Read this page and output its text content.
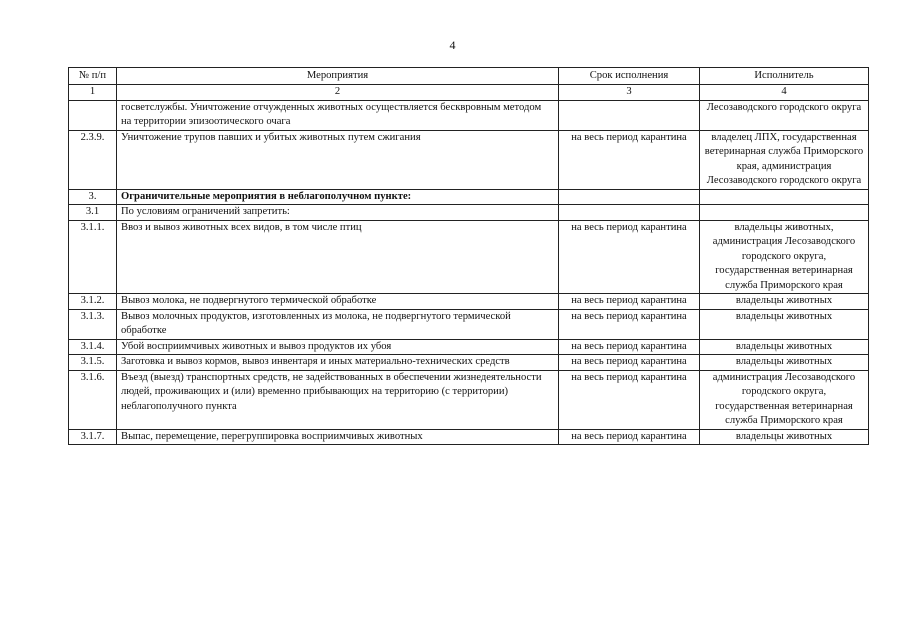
4
№ п/п	Мероприятия	Срок исполнения	Исполнитель
1	2	3	4
	госветслужбы. Уничтожение отчужденных животных осуществляется бесквровным методом на территории эпизоотического очага		Лесозаводского городского округа
2.3.9.	Уничтожение трупов павших и убитых животных путем сжигания	на весь период карантина	владелец ЛПХ, государственная ветеринарная служба Приморского края, администрация Лесозаводского городского округа
3.	Ограничительные мероприятия в неблагополучном пункте:		
3.1	По условиям ограничений запретить:		
3.1.1.	Ввоз и вывоз животных всех видов, в том числе птиц	на весь период карантина	владельцы животных, администрация Лесозаводского городского округа, государственная ветеринарная служба Приморского края
3.1.2.	Вывоз молока, не подвергнутого термической обработке	на весь период карантина	владельцы животных
3.1.3.	Вывоз молочных продуктов, изготовленных из молока, не подвергнутого термической обработке	на весь период карантина	владельцы животных
3.1.4.	Убой восприимчивых животных и вывоз продуктов их убоя	на весь период карантина	владельцы животных
3.1.5.	Заготовка и вывоз кормов, вывоз инвентаря и иных материально-технических средств	на весь период карантина	владельцы животных
3.1.6.	Въезд (выезд) транспортных средств, не задействованных в обеспечении жизнедеятельности людей, проживающих и (или) временно прибывающих на территорию (с территории) неблагополучного пункта	на весь период карантина	администрация Лесозаводского городского округа, государственная ветеринарная служба Приморского края
3.1.7.	Выпас, перемещение, перегруппировка восприимчивых животных	на весь период карантина	владельцы животных
